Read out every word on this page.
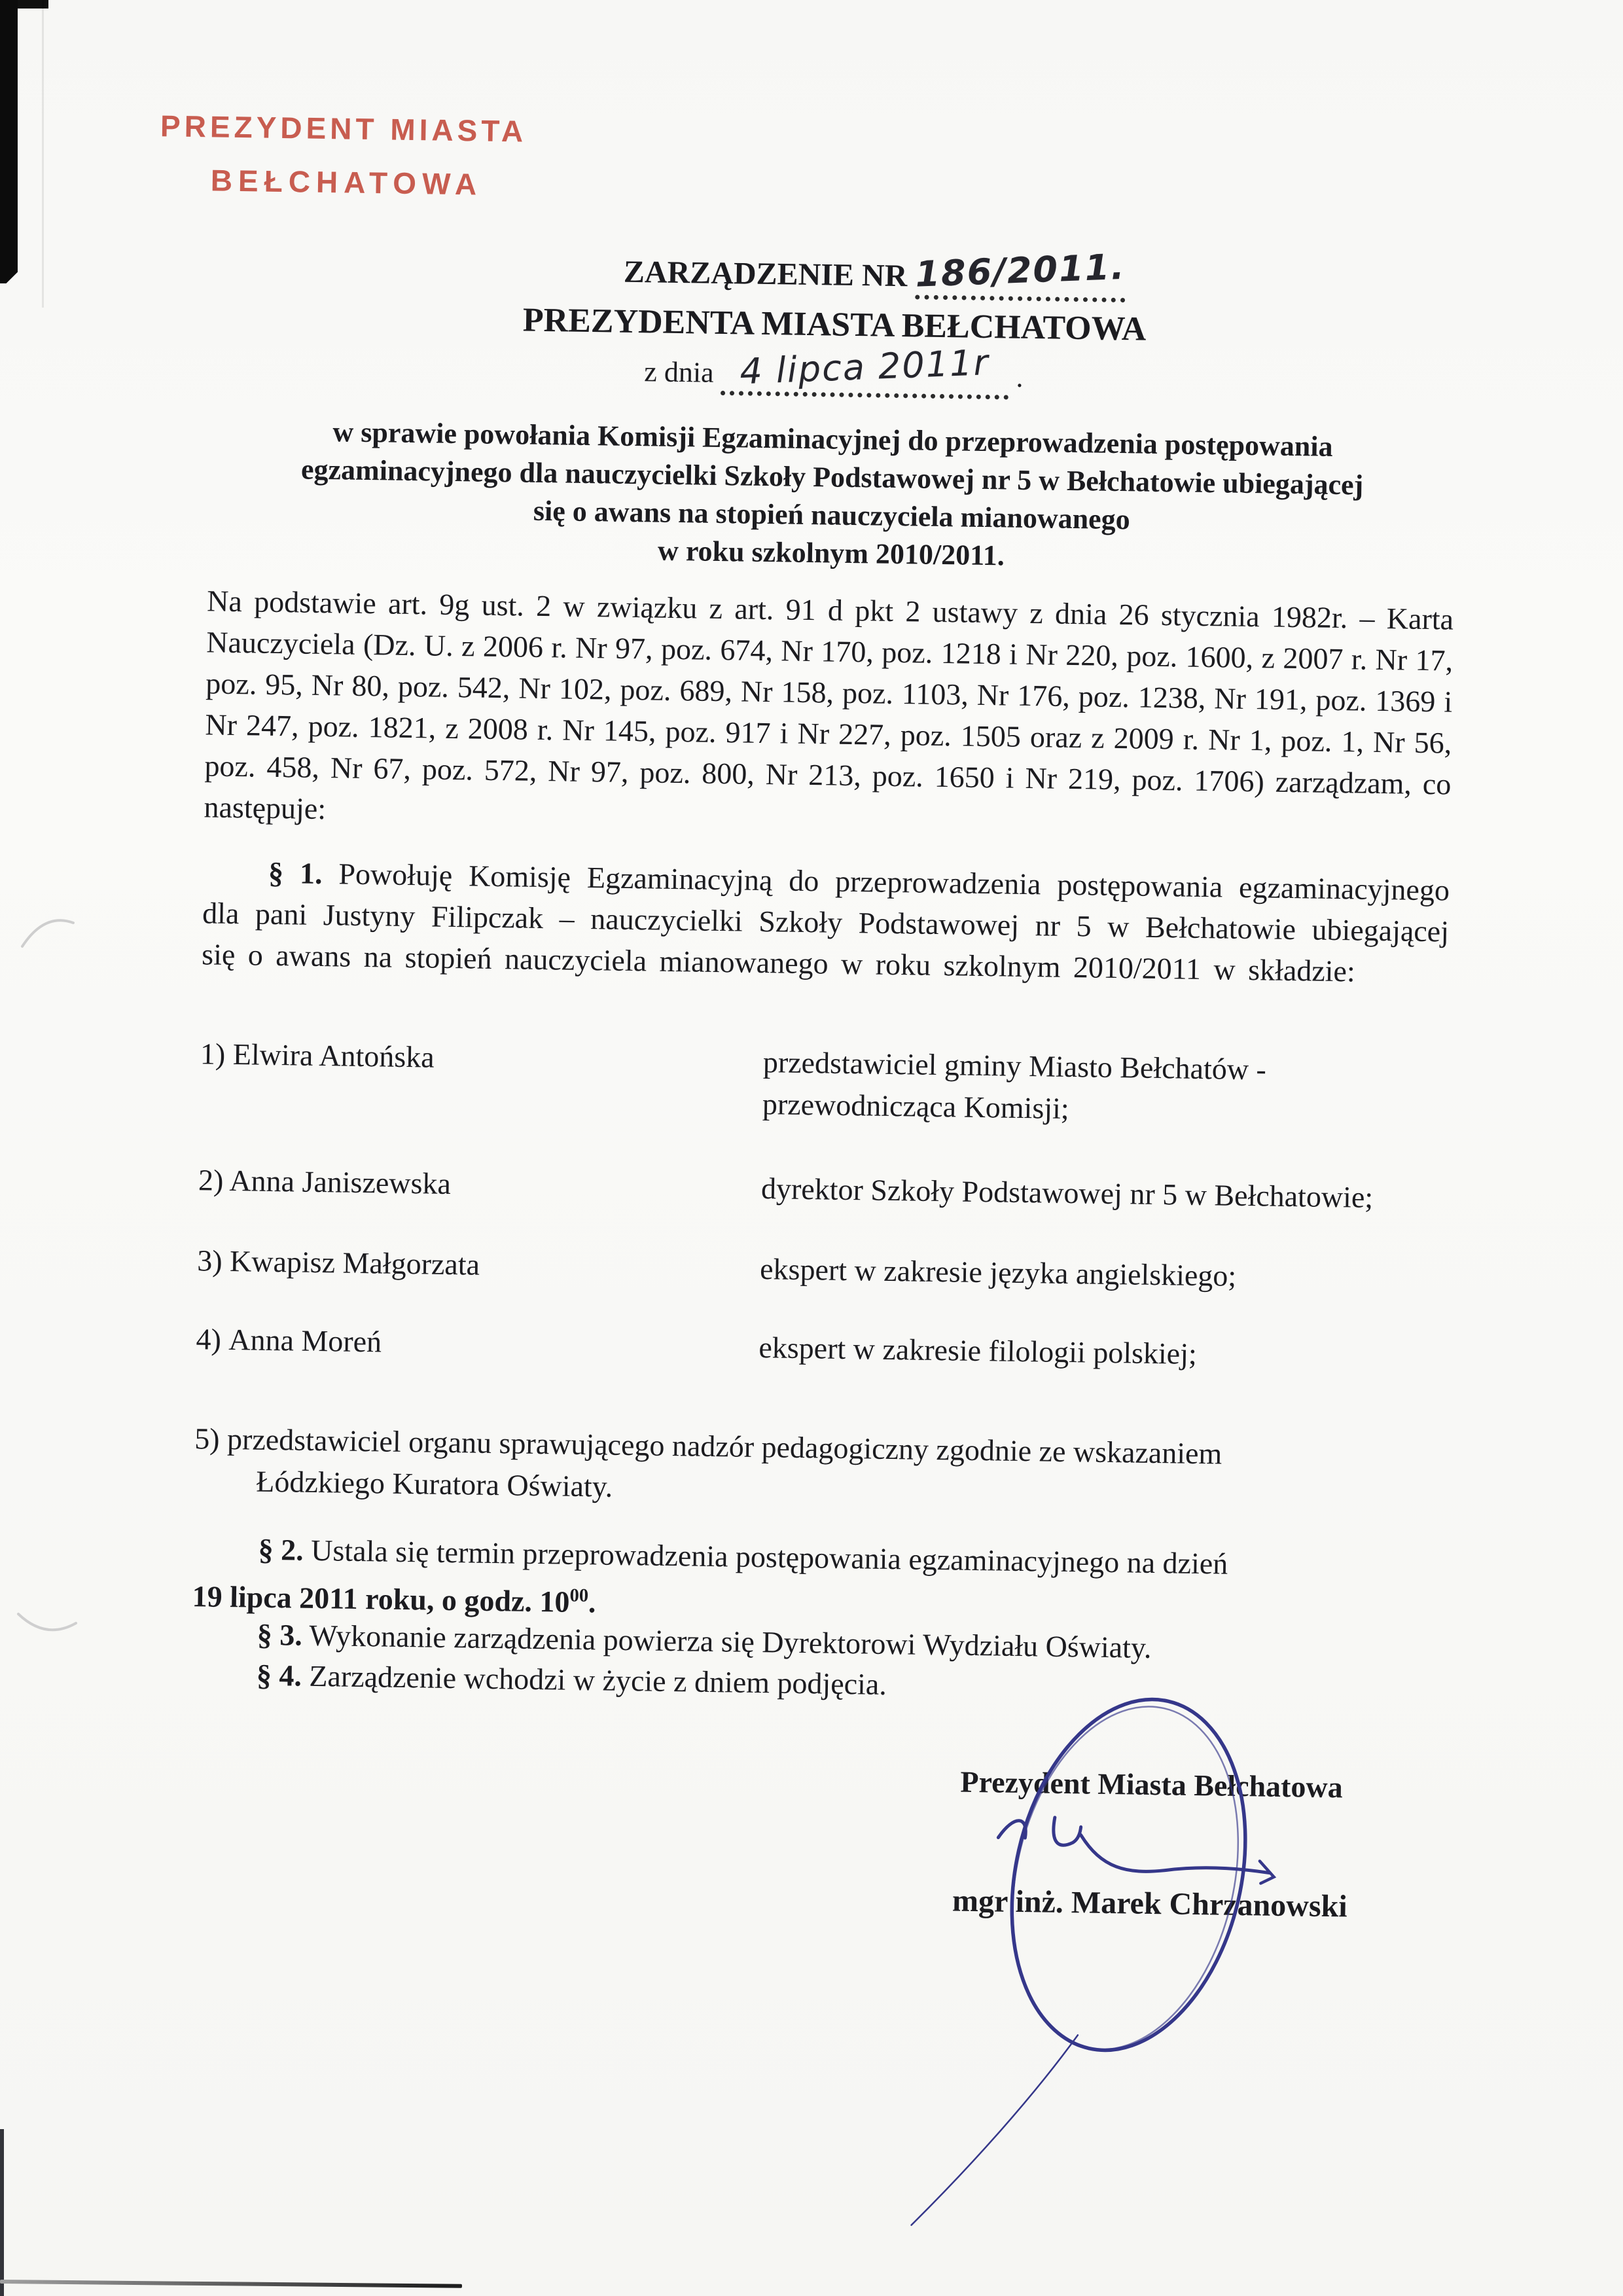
PREZYDENT MIASTA
BEŁCHATOWA
ZARZĄDZENIE NR 186/2011.
PREZYDENTA MIASTA BEŁCHATOWA
z dnia 4 lipca 2011r .
w sprawie powołania Komisji Egzaminacyjnej do przeprowadzenia postępowania
egzaminacyjnego dla nauczycielki Szkoły Podstawowej nr 5 w Bełchatowie ubiegającej
się o awans na stopień nauczyciela mianowanego
w roku szkolnym 2010/2011.
Na podstawie art. 9g ust. 2 w związku z art. 91 d pkt 2 ustawy z dnia 26 stycznia 1982r. – Karta Nauczyciela (Dz. U. z 2006 r. Nr 97, poz. 674, Nr 170, poz. 1218 i Nr 220, poz. 1600, z 2007 r. Nr 17, poz. 95, Nr 80, poz. 542, Nr 102, poz. 689, Nr 158, poz. 1103, Nr 176, poz. 1238, Nr 191, poz. 1369 i Nr 247, poz. 1821, z 2008 r. Nr 145, poz. 917 i Nr 227, poz. 1505 oraz z 2009 r. Nr 1, poz. 1, Nr 56, poz. 458, Nr 67, poz. 572, Nr 97, poz. 800, Nr 213, poz. 1650 i Nr 219, poz. 1706) zarządzam, co następuje:
§ 1. Powołuję Komisję Egzaminacyjną do przeprowadzenia postępowania egzaminacyjnego dla pani Justyny Filipczak – nauczycielki Szkoły Podstawowej nr 5 w Bełchatowie ubiegającej się o awans na stopień nauczyciela mianowanego w roku szkolnym 2010/2011 w składzie:
1) Elwira Antońska	przedstawiciel gminy Miasto Bełchatów - przewodnicząca Komisji;
2) Anna Janiszewska	dyrektor Szkoły Podstawowej nr 5 w Bełchatowie;
3) Kwapisz Małgorzata	ekspert w zakresie języka angielskiego;
4) Anna Moreń	ekspert w zakresie filologii polskiej;
5) przedstawiciel organu sprawującego nadzór pedagogiczny zgodnie ze wskazaniem
Łódzkiego Kuratora Oświaty.
§ 2. Ustala się termin przeprowadzenia postępowania egzaminacyjnego na dzień
19 lipca 2011 roku, o godz. $10^{00}$.
§ 3. Wykonanie zarządzenia powierza się Dyrektorowi Wydziału Oświaty.
§ 4. Zarządzenie wchodzi w życie z dniem podjęcia.
Prezydent Miasta Bełchatowa
mgr inż. Marek Chrzanowski
